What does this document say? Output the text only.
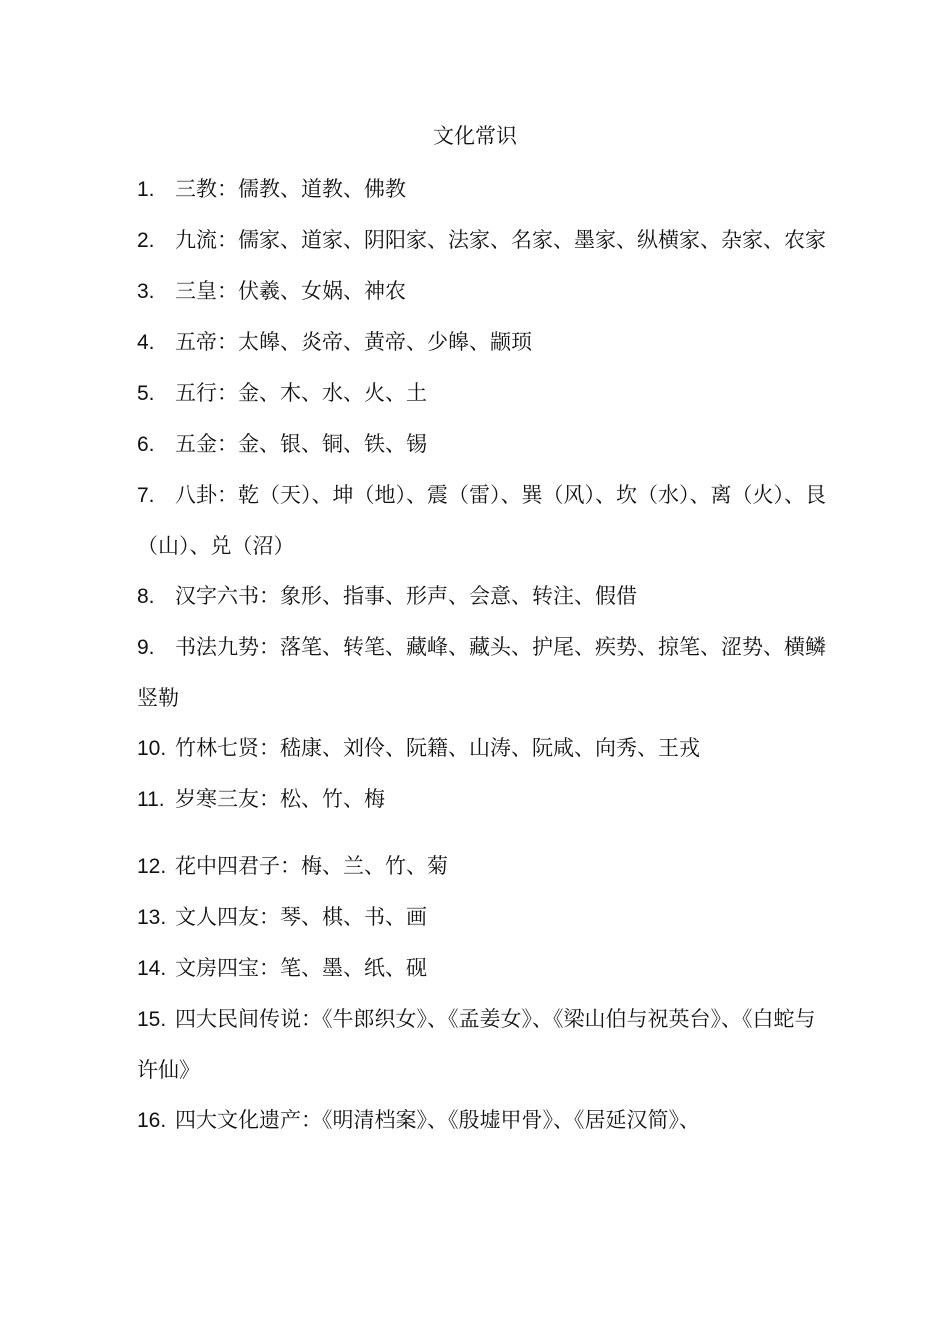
文化常识
1. 三教：儒教、道教、佛教
2. 九流：儒家、道家、阴阳家、法家、名家、墨家、纵横家、杂家、农家
3. 三皇：伏羲、女娲、神农
4. 五帝：太皞、炎帝、黄帝、少皞、颛顼
5. 五行：金、木、水、火、土
6. 五金：金、银、铜、铁、锡
7. 八卦：乾（天）、坤（地）、震（雷）、巽（风）、坎（水）、离（火）、艮（山）、兑（沼）
8. 汉字六书：象形、指事、形声、会意、转注、假借
9. 书法九势：落笔、转笔、藏峰、藏头、护尾、疾势、掠笔、涩势、横鳞竖勒
10. 竹林七贤：嵇康、刘伶、阮籍、山涛、阮咸、向秀、王戎
11. 岁寒三友：松、竹、梅
12. 花中四君子：梅、兰、竹、菊
13. 文人四友：琴、棋、书、画
14. 文房四宝：笔、墨、纸、砚
15. 四大民间传说：《牛郎织女》、《孟姜女》、《梁山伯与祝英台》、《白蛇与许仙》
16. 四大文化遗产：《明清档案》、《殷墟甲骨》、《居延汉简》、
